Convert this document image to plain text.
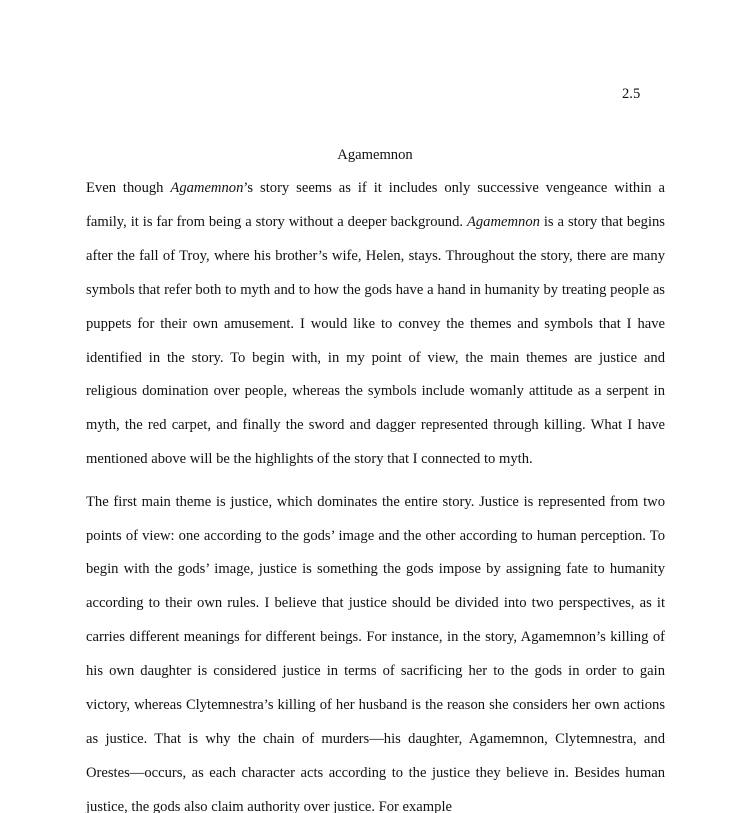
2.5
Agamemnon

Even though Agamemnon’s story seems as if it includes only successive vengeance within a family, it is far from being a story without a deeper background. Agamemnon is a story that begins after the fall of Troy, where his brother’s wife, Helen, stays. Throughout the story, there are many symbols that refer both to myth and to how the gods have a hand in humanity by treating people as puppets for their own amusement. I would like to convey the themes and symbols that I have identified in the story. To begin with, in my point of view, the main themes are justice and religious domination over people, whereas the symbols include womanly attitude as a serpent in myth, the red carpet, and finally the sword and dagger represented through killing. What I have mentioned above will be the highlights of the story that I connected to myth.

The first main theme is justice, which dominates the entire story. Justice is represented from two points of view: one according to the gods’ image and the other according to human perception. To begin with the gods’ image, justice is something the gods impose by assigning fate to humanity according to their own rules. I believe that justice should be divided into two perspectives, as it carries different meanings for different beings. For instance, in the story, Agamemnon’s killing of his own daughter is considered justice in terms of sacrificing her to the gods in order to gain victory, whereas Clytemnestra’s killing of her husband is the reason she considers her own actions as justice. That is why the chain of murders—his daughter, Agamemnon, Clytemnestra, and Orestes—occurs, as each character acts according to the justice they believe in. Besides human justice, the gods also claim authority over justice. For example
